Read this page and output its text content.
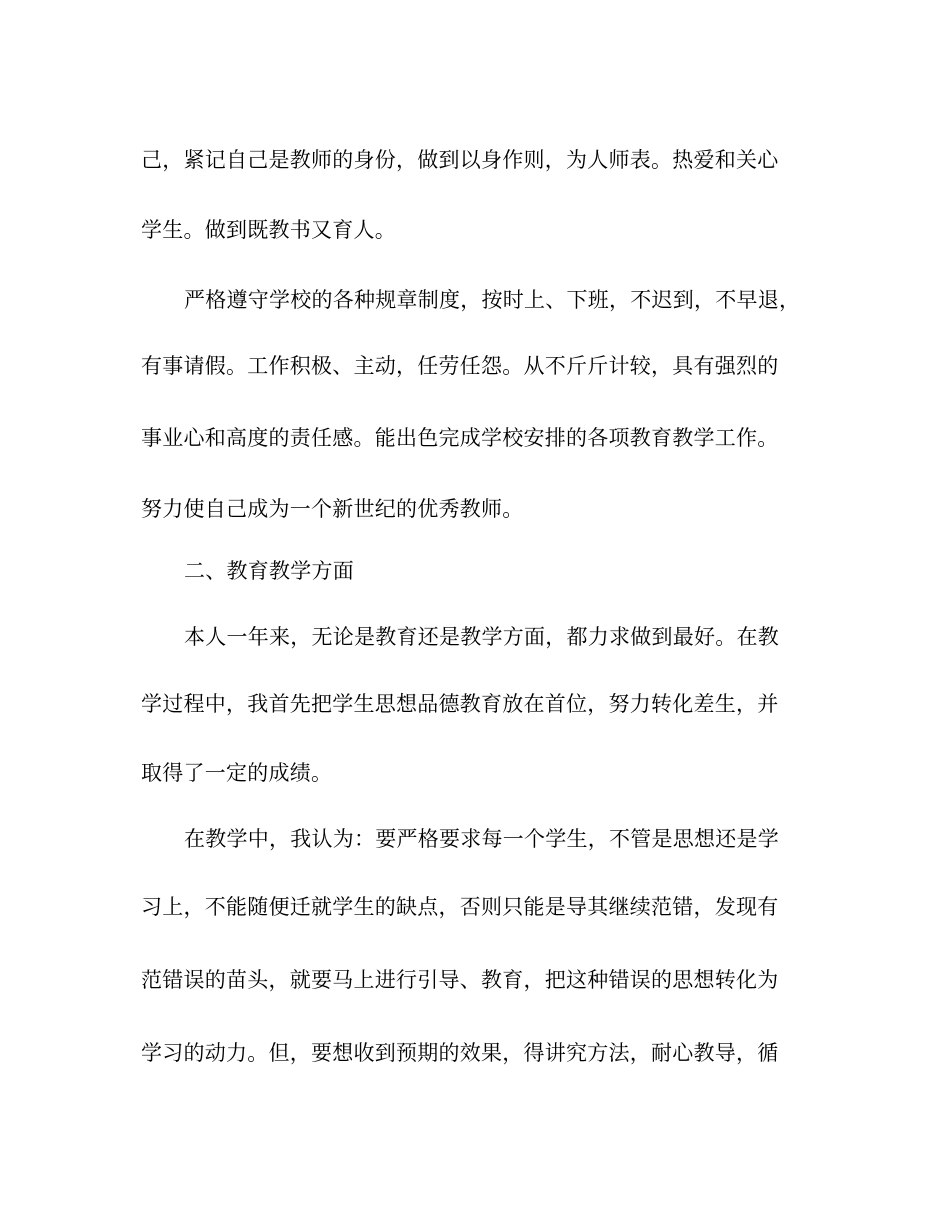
己，紧记自己是教师的身份，做到以身作则，为人师表。热爱和关心
学生。做到既教书又育人。
严格遵守学校的各种规章制度，按时上、下班，不迟到，不早退，
有事请假。工作积极、主动，任劳任怨。从不斤斤计较，具有强烈的
事业心和高度的责任感。能出色完成学校安排的各项教育教学工作。
努力使自己成为一个新世纪的优秀教师。
二、教育教学方面
本人一年来，无论是教育还是教学方面，都力求做到最好。在教
学过程中，我首先把学生思想品德教育放在首位，努力转化差生，并
取得了一定的成绩。
在教学中，我认为：要严格要求每一个学生，不管是思想还是学
习上，不能随便迁就学生的缺点，否则只能是导其继续范错，发现有
范错误的苗头，就要马上进行引导、教育，把这种错误的思想转化为
学习的动力。但，要想收到预期的效果，得讲究方法，耐心教导，循
